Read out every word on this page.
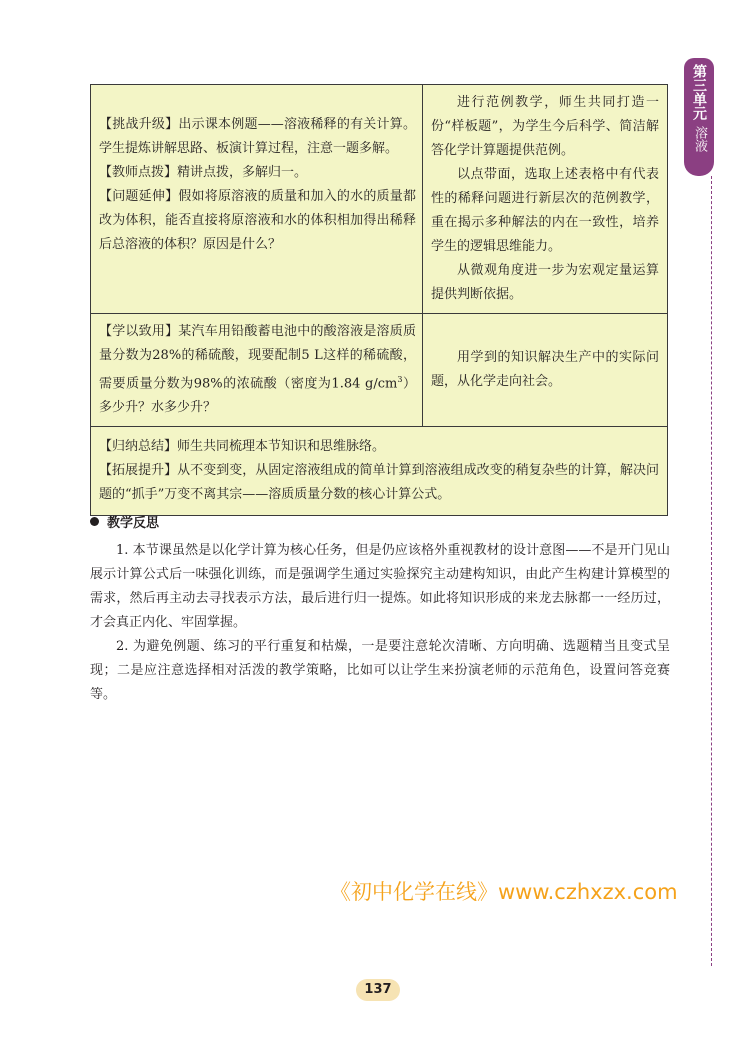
第三单元
溶液

【挑战升级】出示课本例题——溶液稀释的有关计算。学生提炼讲解思路、板演计算过程，注意一题多解。

【教师点拨】精讲点拨，多解归一。

【问题延伸】假如将原溶液的质量和加入的水的质量都改为体积，能否直接将原溶液和水的体积相加得出稀释后总溶液的体积？原因是什么？

进行范例教学，师生共同打造一份“样板题”，为学生今后科学、简洁解答化学计算题提供范例。

以点带面，选取上述表格中有代表性的稀释问题进行新层次的范例教学，重在揭示多种解法的内在一致性，培养学生的逻辑思维能力。

从微观角度进一步为宏观定量运算提供判断依据。

【学以致用】某汽车用铅酸蓄电池中的酸溶液是溶质质量分数为28%的稀硫酸，现要配制5 L这样的稀硫酸，需要质量分数为98%的浓硫酸（密度为1.84 $g/cm^3$）多少升？水多少升？

用学到的知识解决生产中的实际问题，从化学走向社会。

【归纳总结】师生共同梳理本节知识和思维脉络。

【拓展提升】从不变到变，从固定溶液组成的简单计算到溶液组成改变的稍复杂些的计算，解决问题的“抓手”万变不离其宗——溶质质量分数的核心计算公式。

教学反思

1. 本节课虽然是以化学计算为核心任务，但是仍应该格外重视教材的设计意图——不是开门见山展示计算公式后一味强化训练，而是强调学生通过实验探究主动建构知识，由此产生构建计算模型的需求，然后再主动去寻找表示方法，最后进行归一提炼。如此将知识形成的来龙去脉都一一经历过，才会真正内化、牢固掌握。

2. 为避免例题、练习的平行重复和枯燥，一是要注意轮次清晰、方向明确、选题精当且变式呈现；二是应注意选择相对活泼的教学策略，比如可以让学生来扮演老师的示范角色，设置问答竞赛等。

《初中化学在线》www.czhxzx.com
137
